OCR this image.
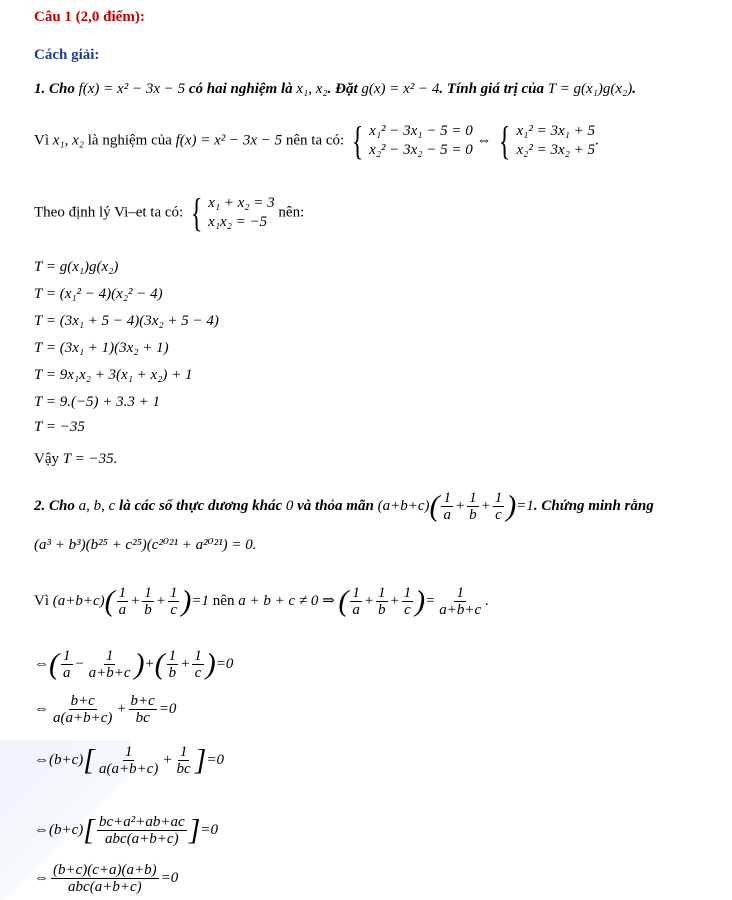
Câu 1 (2,0 điểm):
Cách giải:
1. Cho f(x) = x² − 3x − 5 có hai nghiệm là x₁, x₂. Đặt g(x) = x² − 4. Tính giá trị của T = g(x₁)g(x₂).
Vì x₁, x₂ là nghiệm của f(x) = x² − 3x − 5 nên ta có: { x₁² − 3x₁ − 5 = 0
x₂² − 3x₂ − 5 = 0
⇔ { x₁² = 3x₁ + 5
x₂² = 3x₂ + 5
.
Theo định lý Vi–et ta có: { x₁ + x₂ = 3
x₁x₂ = −5
nên:
T = g(x₁)g(x₂)
T = (x₁² − 4)(x₂² − 4)
T = (3x₁ + 5 − 4)(3x₂ + 5 − 4)
T = (3x₁ + 1)(3x₂ + 1)
T = 9x₁x₂ + 3(x₁ + x₂) + 1
T = 9.(−5) + 3.3 + 1
T = −35
Vậy T = −35.
2. Cho a, b, c là các số thực dương khác 0 và thỏa mãn $(a+b+c)( \frac{1}{a} + \frac{1}{b} + \frac{1}{c} )=1$. Chứng minh rằng
(a³ + b³)(b²⁵ + c²⁵)(c²⁰²¹ + a²⁰²¹) = 0.
Vì $(a+b+c)( \frac{1}{a} + \frac{1}{b} + \frac{1}{c} )=1$ nên a + b + c ≠ 0 ⇒ ( $\frac{1}{a} + \frac{1}{b} + \frac{1}{c}$ )= $\frac{1}{a+b+c}$ .
⇔( $\frac{1}{a} - \frac{1}{a+b+c}$ )+( $\frac{1}{b} + \frac{1}{c} )=0$
⇔ $\frac{b+c}{a(a+b+c)} + \frac{b+c}{bc} =0$
⇔(b+c)[ $\frac{1}{a(a+b+c)} + \frac{1}{bc} ]=0$
⇔(b+c)[ $\frac{\text{bc+a²+ab+ac}}{\text{abc(a+b+c)}} ]=0$
⇔ $\frac{(b+c)(c+a)(a+b)}{\text{abc(a+b+c)}} =0$
